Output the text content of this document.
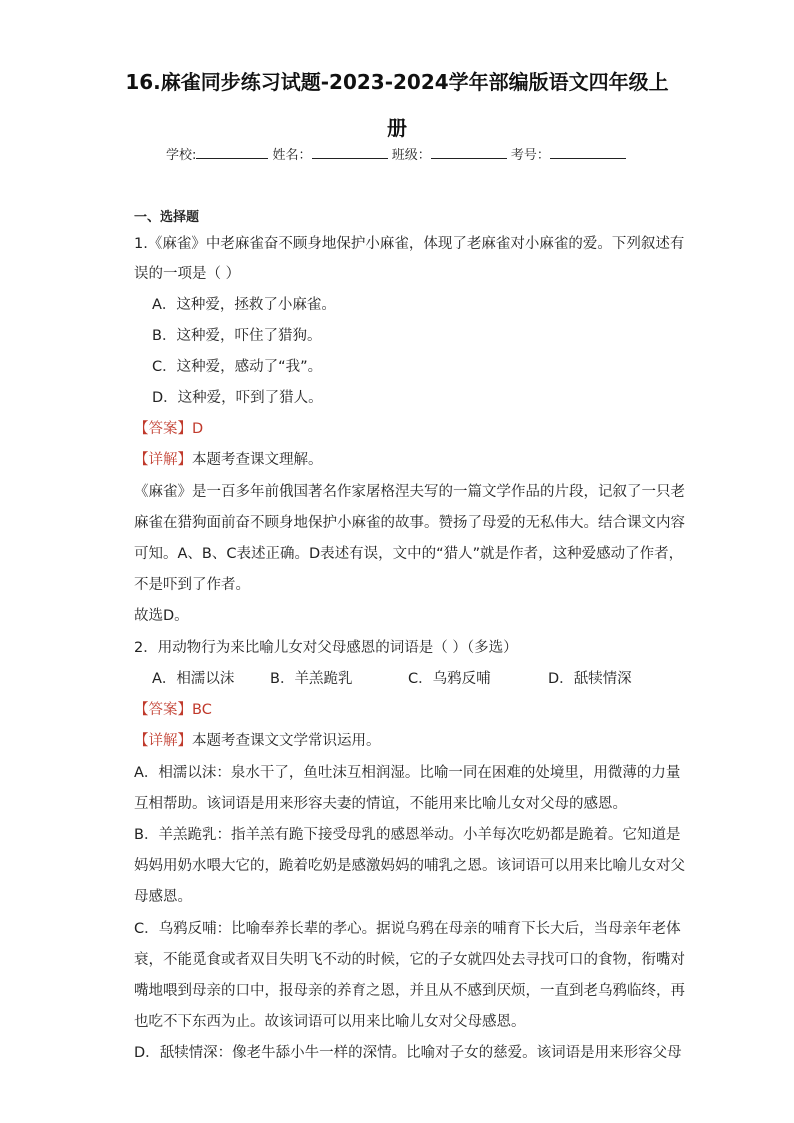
16.麻雀同步练习试题-2023-2024学年部编版语文四年级上
册
学校:	姓名：	班级：	考号：
一、选择题
1.《麻雀》中老麻雀奋不顾身地保护小麻雀，体现了老麻雀对小麻雀的爱。下列叙述有
误的一项是（ ）
A．这种爱，拯救了小麻雀。
B．这种爱，吓住了猎狗。
C．这种爱，感动了“我”。
D．这种爱，吓到了猎人。
【答案】D
【详解】本题考查课文理解。
《麻雀》是一百多年前俄国著名作家屠格涅夫写的一篇文学作品的片段，记叙了一只老
麻雀在猎狗面前奋不顾身地保护小麻雀的故事。赞扬了母爱的无私伟大。结合课文内容
可知。A、B、C表述正确。D表述有误，文中的“猎人”就是作者，这种爱感动了作者，
不是吓到了作者。
故选D。
2．用动物行为来比喻儿女对父母感恩的词语是（ ）（多选）
A．相濡以沫 B．羊羔跪乳	C．乌鸦反哺	D．舐犊情深
【答案】BC
【详解】本题考查课文文学常识运用。
A．相濡以沫：泉水干了，鱼吐沫互相润湿。比喻一同在困难的处境里，用微薄的力量
互相帮助。该词语是用来形容夫妻的情谊，不能用来比喻儿女对父母的感恩。
B．羊羔跪乳：指羊羔有跪下接受母乳的感恩举动。小羊每次吃奶都是跪着。它知道是
妈妈用奶水喂大它的，跪着吃奶是感激妈妈的哺乳之恩。该词语可以用来比喻儿女对父
母感恩。
C．乌鸦反哺：比喻奉养长辈的孝心。据说乌鸦在母亲的哺育下长大后，当母亲年老体
衰，不能觅食或者双目失明飞不动的时候，它的子女就四处去寻找可口的食物，衔嘴对
嘴地喂到母亲的口中，报母亲的养育之恩，并且从不感到厌烦，一直到老乌鸦临终，再
也吃不下东西为止。故该词语可以用来比喻儿女对父母感恩。
D．舐犊情深：像老牛舔小牛一样的深情。比喻对子女的慈爱。该词语是用来形容父母
